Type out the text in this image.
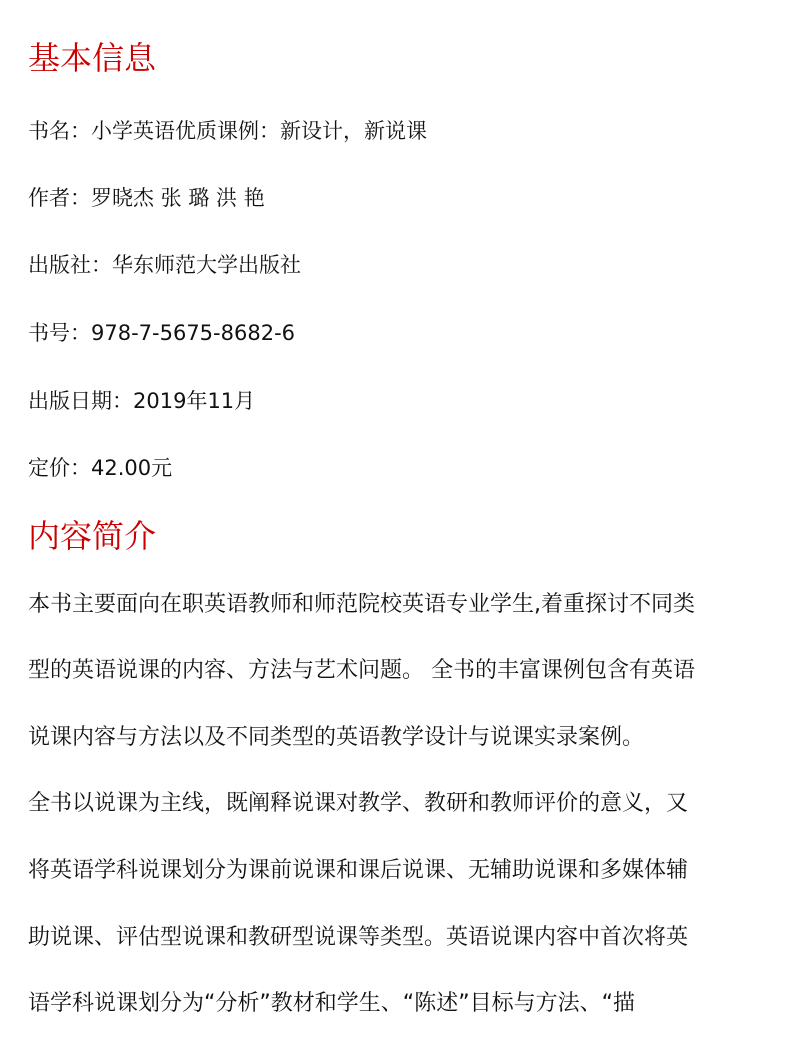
基本信息

书名：小学英语优质课例：新设计，新说课

作者：罗晓杰 张 璐 洪 艳

出版社：华东师范大学出版社

书号：978-7-5675-8682-6

出版日期：2019年11月

定价：42.00元

内容简介

本书主要面向在职英语教师和师范院校英语专业学生,着重探讨不同类

型的英语说课的内容、方法与艺术问题。 全书的丰富课例包含有英语

说课内容与方法以及不同类型的英语教学设计与说课实录案例。

全书以说课为主线，既阐释说课对教学、教研和教师评价的意义，又

将英语学科说课划分为课前说课和课后说课、无辅助说课和多媒体辅

助说课、评估型说课和教研型说课等类型。英语说课内容中首次将英

语学科说课划分为“分析”教材和学生、“陈述”目标与方法、“描
